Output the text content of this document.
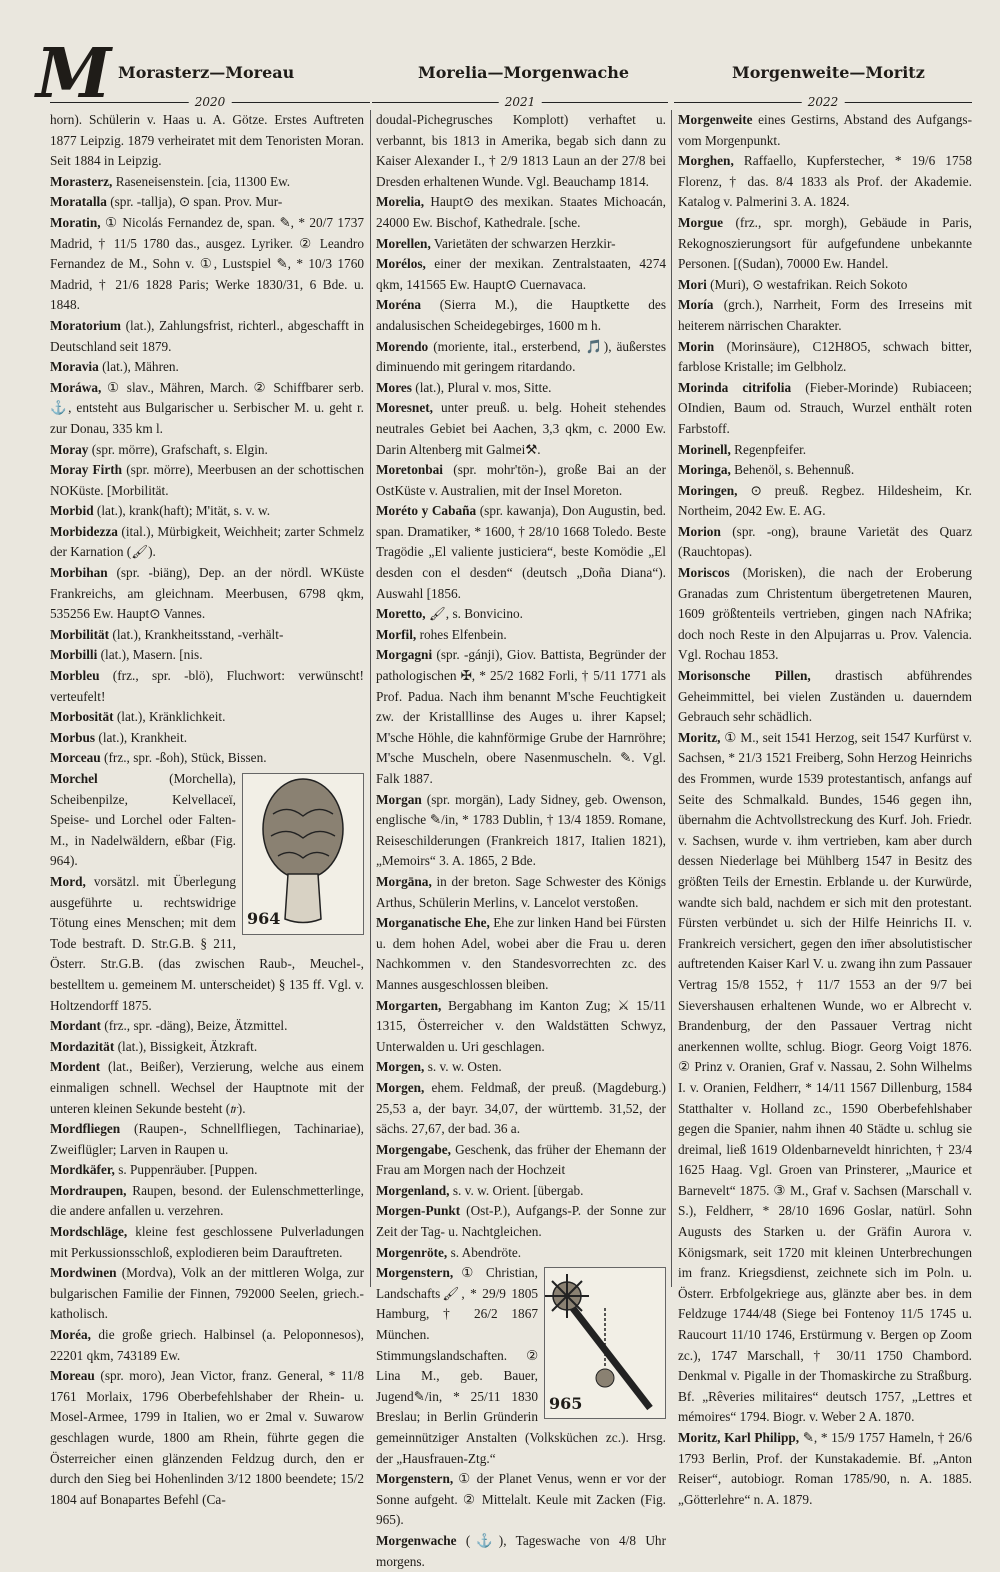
M Morasterz—Moreau	Morelia—Morgenwache	Morgenweite—Moritz
2020	2021	2022

horn). Schülerin v. Haas u. A. Götze. Erstes Auftreten 1877 Leipzig. 1879 verheiratet mit dem Tenoristen Moran. Seit 1884 in Leipzig.

Morasterz, Raseneisenstein. [cia, 11300 Ew.

Moratalla (spr. -tallja), ⊙ span. Prov. Mur-

Moratin, ① Nicolás Fernandez de, span. ✎, * 20/7 1737 Madrid, † 11/5 1780 das., ausgez. Lyriker. ② Leandro Fernandez de M., Sohn v. ①, Lustspiel ✎, * 10/3 1760 Madrid, † 21/6 1828 Paris; Werke 1830/31, 6 Bde. u. 1848.

Moratorium (lat.), Zahlungsfrist, richterl., abgeschafft in Deutschland seit 1879.

Moravia (lat.), Mähren.

Moráwa, ① slav., Mähren, March. ② Schiffbarer serb. ⚓, entsteht aus Bulgarischer u. Serbischer M. u. geht r. zur Donau, 335 km l.

Moray (spr. mörre), Grafschaft, s. Elgin.

Moray Firth (spr. mörre), Meerbusen an der schottischen NOKüste. [Morbilität.

Morbid (lat.), krank(haft); M'ität, s. v. w.

Morbidezza (ital.), Mürbigkeit, Weichheit; zarter Schmelz der Karnation (🖌).

Morbihan (spr. -biäng), Dep. an der nördl. WKüste Frankreichs, am gleichnam. Meerbusen, 6798 qkm, 535256 Ew. Haupt⊙ Vannes.

Morbilität (lat.), Krankheitsstand, -verhält-

Morbilli (lat.), Masern. [nis.

Morbleu (frz., spr. -blö), Fluchwort: verwünscht! verteufelt!

Morbosität (lat.), Kränklichkeit.

Morbus (lat.), Krankheit.

Morceau (frz., spr. -ßoh), Stück, Bissen.

964

Morchel (Morchella), Scheibenpilze, Kelvellaceï, Speise- und Lorchel oder Falten-M., in Nadelwäldern, eßbar (Fig. 964).

Mord, vorsätzl. mit Überlegung ausgeführte u. rechtswidrige Tötung eines Menschen; mit dem Tode bestraft. D. Str.G.B. § 211, Österr. Str.G.B. (das zwischen Raub-, Meuchel-, bestelltem u. gemeinem M. unterscheidet) § 135 ff. Vgl. v. Holtzendorff 1875.

Mordant (frz., spr. -däng), Beize, Ätzmittel.

Mordazität (lat.), Bissigkeit, Ätzkraft.

Mordent (lat., Beißer), Verzierung, welche aus einem einmaligen schnell. Wechsel der Hauptnote mit der unteren kleinen Sekunde besteht (𝆖).

Mordfliegen (Raupen-, Schnellfliegen, Tachinariae), Zweiflügler; Larven in Raupen u.

Mordkäfer, s. Puppenräuber. [Puppen.

Mordraupen, Raupen, besond. der Eulenschmetterlinge, die andere anfallen u. verzehren.

Mordschläge, kleine fest geschlossene Pulverladungen mit Perkussionsschloß, explodieren beim Darauftreten.

Mordwinen (Mordva), Volk an der mittleren Wolga, zur bulgarischen Familie der Finnen, 792000 Seelen, griech.-katholisch.

Moréa, die große griech. Halbinsel (a. Peloponnesos), 22201 qkm, 743189 Ew.

Moreau (spr. moro), Jean Victor, franz. General, * 11/8 1761 Morlaix, 1796 Oberbefehlshaber der Rhein- u. Mosel-Armee, 1799 in Italien, wo er 2mal v. Suwarow geschlagen wurde, 1800 am Rhein, führte gegen die Österreicher einen glänzenden Feldzug durch, den er durch den Sieg bei Hohenlinden 3/12 1800 beendete; 15/2 1804 auf Bonapartes Befehl (Ca-

doudal-Pichegrusches Komplott) verhaftet u. verbannt, bis 1813 in Amerika, begab sich dann zu Kaiser Alexander I., † 2/9 1813 Laun an der 27/8 bei Dresden erhaltenen Wunde. Vgl. Beauchamp 1814.

Morelia, Haupt⊙ des mexikan. Staates Michoacán, 24000 Ew. Bischof, Kathedrale. [sche.

Morellen, Varietäten der schwarzen Herzkir-

Morélos, einer der mexikan. Zentralstaaten, 4274 qkm, 141565 Ew. Haupt⊙ Cuernavaca.

Moréna (Sierra M.), die Hauptkette des andalusischen Scheidegebirges, 1600 m h.

Morendo (moriente, ital., ersterbend, 🎵), äußerstes diminuendo mit geringem ritardando.

Mores (lat.), Plural v. mos, Sitte.

Moresnet, unter preuß. u. belg. Hoheit stehendes neutrales Gebiet bei Aachen, 3,3 qkm, c. 2000 Ew. Darin Altenberg mit Galmei⚒.

Moretonbai (spr. mohr'tön-), große Bai an der OstKüste v. Australien, mit der Insel Moreton.

Moréto y Cabaña (spr. kawanja), Don Augustin, bed. span. Dramatiker, * 1600, † 28/10 1668 Toledo. Beste Tragödie „El valiente justiciera“, beste Komödie „El desden con el desden“ (deutsch „Doña Diana“). Auswahl [1856.

Moretto, 🖌, s. Bonvicino.

Morfil, rohes Elfenbein.

Morgagni (spr. -gánji), Giov. Battista, Begründer der pathologischen ✠, * 25/2 1682 Forli, † 5/11 1771 als Prof. Padua. Nach ihm benannt M'sche Feuchtigkeit zw. der Kristalllinse des Auges u. ihrer Kapsel; M'sche Höhle, die kahnförmige Grube der Harnröhre; M'sche Muscheln, obere Nasenmuscheln. ✎. Vgl. Falk 1887.

Morgan (spr. morgän), Lady Sidney, geb. Owenson, englische ✎/in, * 1783 Dublin, † 13/4 1859. Romane, Reiseschilderungen (Frankreich 1817, Italien 1821), „Memoirs“ 3. A. 1865, 2 Bde.

Morgāna, in der breton. Sage Schwester des Königs Arthus, Schülerin Merlins, v. Lancelot verstoßen.

Morganatische Ehe, Ehe zur linken Hand bei Fürsten u. dem hohen Adel, wobei aber die Frau u. deren Nachkommen v. den Standesvorrechten zc. des Mannes ausgeschlossen bleiben.

Morgarten, Bergabhang im Kanton Zug; ⚔ 15/11 1315, Österreicher v. den Waldstätten Schwyz, Unterwalden u. Uri geschlagen.

Morgen, s. v. w. Osten.

Morgen, ehem. Feldmaß, der preuß. (Magdeburg.) 25,53 a, der bayr. 34,07, der württemb. 31,52, der sächs. 27,67, der bad. 36 a.

Morgengabe, Geschenk, das früher der Ehemann der Frau am Morgen nach der Hochzeit

Morgenland, s. v. w. Orient. [übergab.

Morgen-Punkt (Ost-P.), Aufgangs-P. der Sonne zur Zeit der Tag- u. Nachtgleichen.

Morgenröte, s. Abendröte.

965

Morgenstern, ① Christian, Landschafts🖌, * 29/9 1805 Hamburg, † 26/2 1867 München. Stimmungslandschaften. ② Lina M., geb. Bauer, Jugend✎/in, * 25/11 1830 Breslau; in Berlin Gründerin gemeinnütziger Anstalten (Volksküchen zc.). Hrsg. der „Hausfrauen-Ztg.“

Morgenstern, ① der Planet Venus, wenn er vor der Sonne aufgeht. ② Mittelalt. Keule mit Zacken (Fig. 965).

Morgenwache (⚓), Tageswache von 4/8 Uhr morgens.

Morgenweite eines Gestirns, Abstand des Aufgangs- vom Morgenpunkt.

Morghen, Raffaello, Kupferstecher, * 19/6 1758 Florenz, † das. 8/4 1833 als Prof. der Akademie. Katalog v. Palmerini 3. A. 1824.

Morgue (frz., spr. morgh), Gebäude in Paris, Rekognoszierungsort für aufgefundene unbekannte Personen. [(Sudan), 70000 Ew. Handel.

Mori (Muri), ⊙ westafrikan. Reich Sokoto

Moría (grch.), Narrheit, Form des Irreseins mit heiterem närrischen Charakter.

Morin (Morinsäure), C12H8O5, schwach bitter, farblose Kristalle; im Gelbholz.

Morinda citrifolia (Fieber-Morinde) Rubiaceen; OIndien, Baum od. Strauch, Wurzel enthält roten Farbstoff.

Morinell, Regenpfeifer.

Moringa, Behenöl, s. Behennuß.

Moringen, ⊙ preuß. Regbez. Hildesheim, Kr. Northeim, 2042 Ew. E. AG.

Morion (spr. -ong), braune Varietät des Quarz (Rauchtopas).

Moriscos (Morisken), die nach der Eroberung Granadas zum Christentum übergetretenen Mauren, 1609 größtenteils vertrieben, gingen nach NAfrika; doch noch Reste in den Alpujarras u. Prov. Valencia. Vgl. Rochau 1853.

Morisonsche Pillen, drastisch abführendes Geheimmittel, bei vielen Zuständen u. dauerndem Gebrauch sehr schädlich.

Moritz, ① M., seit 1541 Herzog, seit 1547 Kurfürst v. Sachsen, * 21/3 1521 Freiberg, Sohn Herzog Heinrichs des Frommen, wurde 1539 protestantisch, anfangs auf Seite des Schmalkald. Bundes, 1546 gegen ihn, übernahm die Achtvollstreckung des Kurf. Joh. Friedr. v. Sachsen, wurde v. ihm vertrieben, kam aber durch dessen Niederlage bei Mühlberg 1547 in Besitz des größten Teils der Ernestin. Erblande u. der Kurwürde, wandte sich bald, nachdem er sich mit den protestant. Fürsten verbündet u. sich der Hilfe Heinrichs II. v. Frankreich versichert, gegen den im̄er absolutistischer auftretenden Kaiser Karl V. u. zwang ihn zum Passauer Vertrag 15/8 1552, † 11/7 1553 an der 9/7 bei Sievershausen erhaltenen Wunde, wo er Albrecht v. Brandenburg, der den Passauer Vertrag nicht anerkennen wollte, schlug. Biogr. Georg Voigt 1876. ② Prinz v. Oranien, Graf v. Nassau, 2. Sohn Wilhelms I. v. Oranien, Feldherr, * 14/11 1567 Dillenburg, 1584 Statthalter v. Holland zc., 1590 Oberbefehlshaber gegen die Spanier, nahm ihnen 40 Städte u. schlug sie dreimal, ließ 1619 Oldenbarneveldt hinrichten, † 23/4 1625 Haag. Vgl. Groen van Prinsterer, „Maurice et Barnevelt“ 1875. ③ M., Graf v. Sachsen (Marschall v. S.), Feldherr, * 28/10 1696 Goslar, natürl. Sohn Augusts des Starken u. der Gräfin Aurora v. Königsmark, seit 1720 mit kleinen Unterbrechungen im franz. Kriegsdienst, zeichnete sich im Poln. u. Österr. Erbfolgekriege aus, glänzte aber bes. in dem Feldzuge 1744/48 (Siege bei Fontenoy 11/5 1745 u. Raucourt 11/10 1746, Erstürmung v. Bergen op Zoom zc.), 1747 Marschall, † 30/11 1750 Chambord. Denkmal v. Pigalle in der Thomaskirche zu Straßburg. Bf. „Rêveries militaires“ deutsch 1757, „Lettres et mémoires“ 1794. Biogr. v. Weber 2 A. 1870.

Moritz, Karl Philipp, ✎, * 15/9 1757 Hameln, † 26/6 1793 Berlin, Prof. der Kunstakademie. Bf. „Anton Reiser“, autobiogr. Roman 1785/90, n. A. 1885. „Götterlehre“ n. A. 1879.
